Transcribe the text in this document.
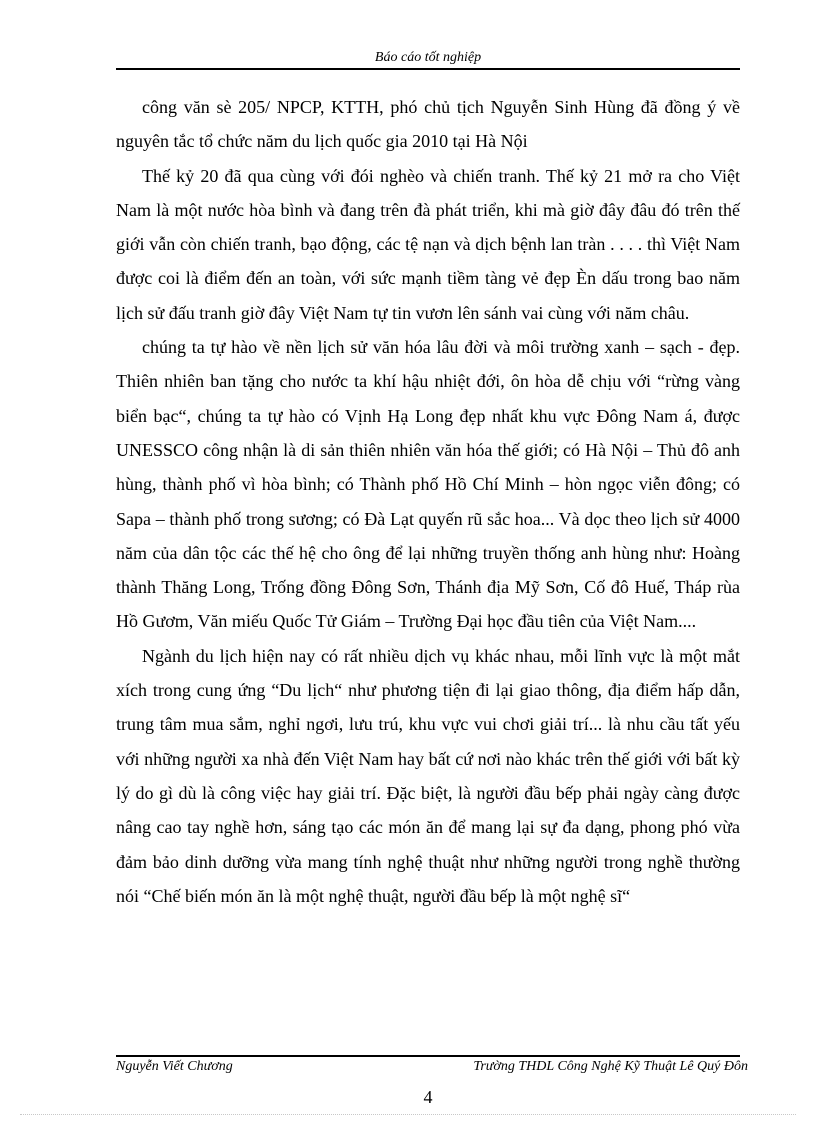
Báo cáo tốt nghiệp

công văn sè 205/ NPCP, KTTH, phó chủ tịch Nguyễn Sinh Hùng đã đồng ý về nguyên tắc tổ chức năm du lịch quốc gia 2010 tại Hà Nội

Thế kỷ 20 đã qua cùng với đói nghèo và chiến tranh. Thế kỷ 21 mở ra cho Việt Nam là một nước hòa bình và đang trên đà phát triển, khi mà giờ đây đâu đó trên thế giới vẫn còn chiến tranh, bạo động, các tệ nạn và dịch bệnh lan tràn . . . . thì Việt Nam được coi là điểm đến an toàn, với sức mạnh tiềm tàng vẻ đẹp Èn dấu trong bao năm lịch sử đấu tranh giờ đây Việt Nam tự tin vươn lên sánh vai cùng với năm châu.

chúng ta tự hào về nền lịch sử văn hóa lâu đời và môi trường xanh – sạch - đẹp. Thiên nhiên ban tặng cho nước ta khí hậu nhiệt đới, ôn hòa dễ chịu với “rừng vàng biển bạc“, chúng ta tự hào có Vịnh Hạ Long đẹp nhất khu vực Đông Nam á, được UNESSCO công nhận là di sản thiên nhiên văn hóa thế giới; có Hà Nội – Thủ đô anh hùng, thành phố vì hòa bình; có Thành phố Hồ Chí Minh – hòn ngọc viễn đông; có Sapa – thành phố trong sương; có Đà Lạt quyến rũ sắc hoa... Và dọc theo lịch sử 4000 năm của dân tộc các thế hệ cho ông để lại những truyền thống anh hùng như: Hoàng thành Thăng Long, Trống đồng Đông Sơn, Thánh địa Mỹ Sơn, Cố đô Huế, Tháp rùa Hồ Gươm, Văn miếu Quốc Tử Giám – Trường Đại học đầu tiên của Việt Nam....

Ngành du lịch hiện nay có rất nhiều dịch vụ khác nhau, mỗi lĩnh vực là một mắt xích trong cung ứng “Du lịch“ như phương tiện đi lại giao thông, địa điểm hấp dẫn, trung tâm mua sắm, nghỉ ngơi, lưu trú, khu vực vui chơi giải trí... là nhu cầu tất yếu với những người xa nhà đến Việt Nam hay bất cứ nơi nào khác trên thế giới với bất kỳ lý do gì dù là công việc hay giải trí. Đặc biệt, là người đầu bếp phải ngày càng được nâng cao tay nghề hơn, sáng tạo các món ăn để mang lại sự đa dạng, phong phó vừa đảm bảo dinh dưỡng vừa mang tính nghệ thuật như những người trong nghề thường nói “Chế biến món ăn là một nghệ thuật, người đầu bếp là một nghệ sĩ“

Nguyễn Viết Chương	Trường THDL Công Nghệ Kỹ Thuật Lê Quý Đôn
4
